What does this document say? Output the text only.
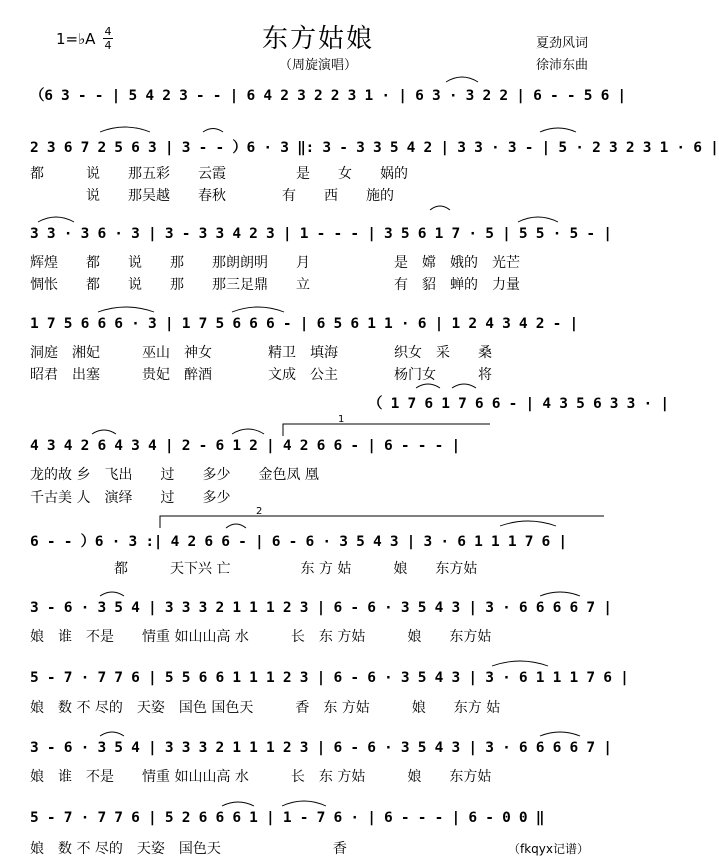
1=♭A 4
4	东方姑娘
（周旋演唱）
夏劲风词
徐沛东曲
（6 3 - - | 5 4 2 3 - - | 6 4 2 3 2 2 3 1 · | 6 3 · 3 2 2 | 6 - - 5 6 |
2 3 6 7 2 5 6 3 | 3 - - ）6 · 3 ‖: 3 - 3 3 5 4 2 | 3 3 · 3 - | 5 · 2 3 2 3 1 · 6 |
都　　　说　　那五彩　　云霞　　　　　是　　女　　娲的
　　　　说　　那吴越　　春秋　　　　有　　西　　施的
3 3 · 3 6 · 3 | 3 - 3 3 4 2 3 | 1 - - - | 3 5 6 1 7 · 5 | 5 5 · 5 - |
辉煌　　都　　说　　那　　那朗朗明　　月　　　　　　是　嫦　娥的　光芒
惆怅　　都　　说　　那　　那三足鼎　　立　　　　　　有　貂　蝉的　力量
1 7 5 6 6 6 · 3 | 1 7 5 6 6 6 - | 6 5 6 1 1 · 6 | 1 2 4 3 4 2 - |
洞庭　湘妃　　　巫山　神女　　　　精卫　填海　　　　织女　采　　桑
昭君　出塞　　　贵妃　醉酒　　　　文成　公主　　　　杨门女　　　将
（ 1 7 6 1 7 6 6 - | 4 3 5 6 3 3 · |
4 3 4 2 6 4 3 4 | 2 - 6 1 2 | 4 2 6 6 - | 6 - - - |
龙的故 乡　飞出　　过　　多少　　金色凤 凰
千古美 人　演绎　　过　　多少
6 - - ）6 · 3 :| 4 2 6 6 - | 6 - 6 · 3 5 4 3 | 3 · 6 1 1 1 7 6 |
　　　　　　都　　　天下兴 亡　　　　　东 方 姑　　　娘　　东方姑
3 - 6 · 3 5 4 | 3 3 3 2 1 1 1 2 3 | 6 - 6 · 3 5 4 3 | 3 · 6 6 6 6 7 |
娘　谁　不是　　情重 如山山高 水　　　长　东 方姑　　　娘　　东方姑
5 - 7 · 7 7 6 | 5 5 6 6 1 1 1 2 3 | 6 - 6 · 3 5 4 3 | 3 · 6 1 1 1 7 6 |
娘　数 不 尽的　天姿　国色 国色天　　　香　东 方姑　　　娘　　东方 姑
3 - 6 · 3 5 4 | 3 3 3 2 1 1 1 2 3 | 6 - 6 · 3 5 4 3 | 3 · 6 6 6 6 7 |
娘　谁　不是　　情重 如山山高 水　　　长　东 方姑　　　娘　　东方姑
5 - 7 · 7 7 6 | 5 2 6 6 6 1 | 1 - 7 6 · | 6 - - - | 6 - 0 0 ‖
娘　数 不 尽的　天姿　国色天　　　　　　　　香	（fkqyx记谱）
1
2
